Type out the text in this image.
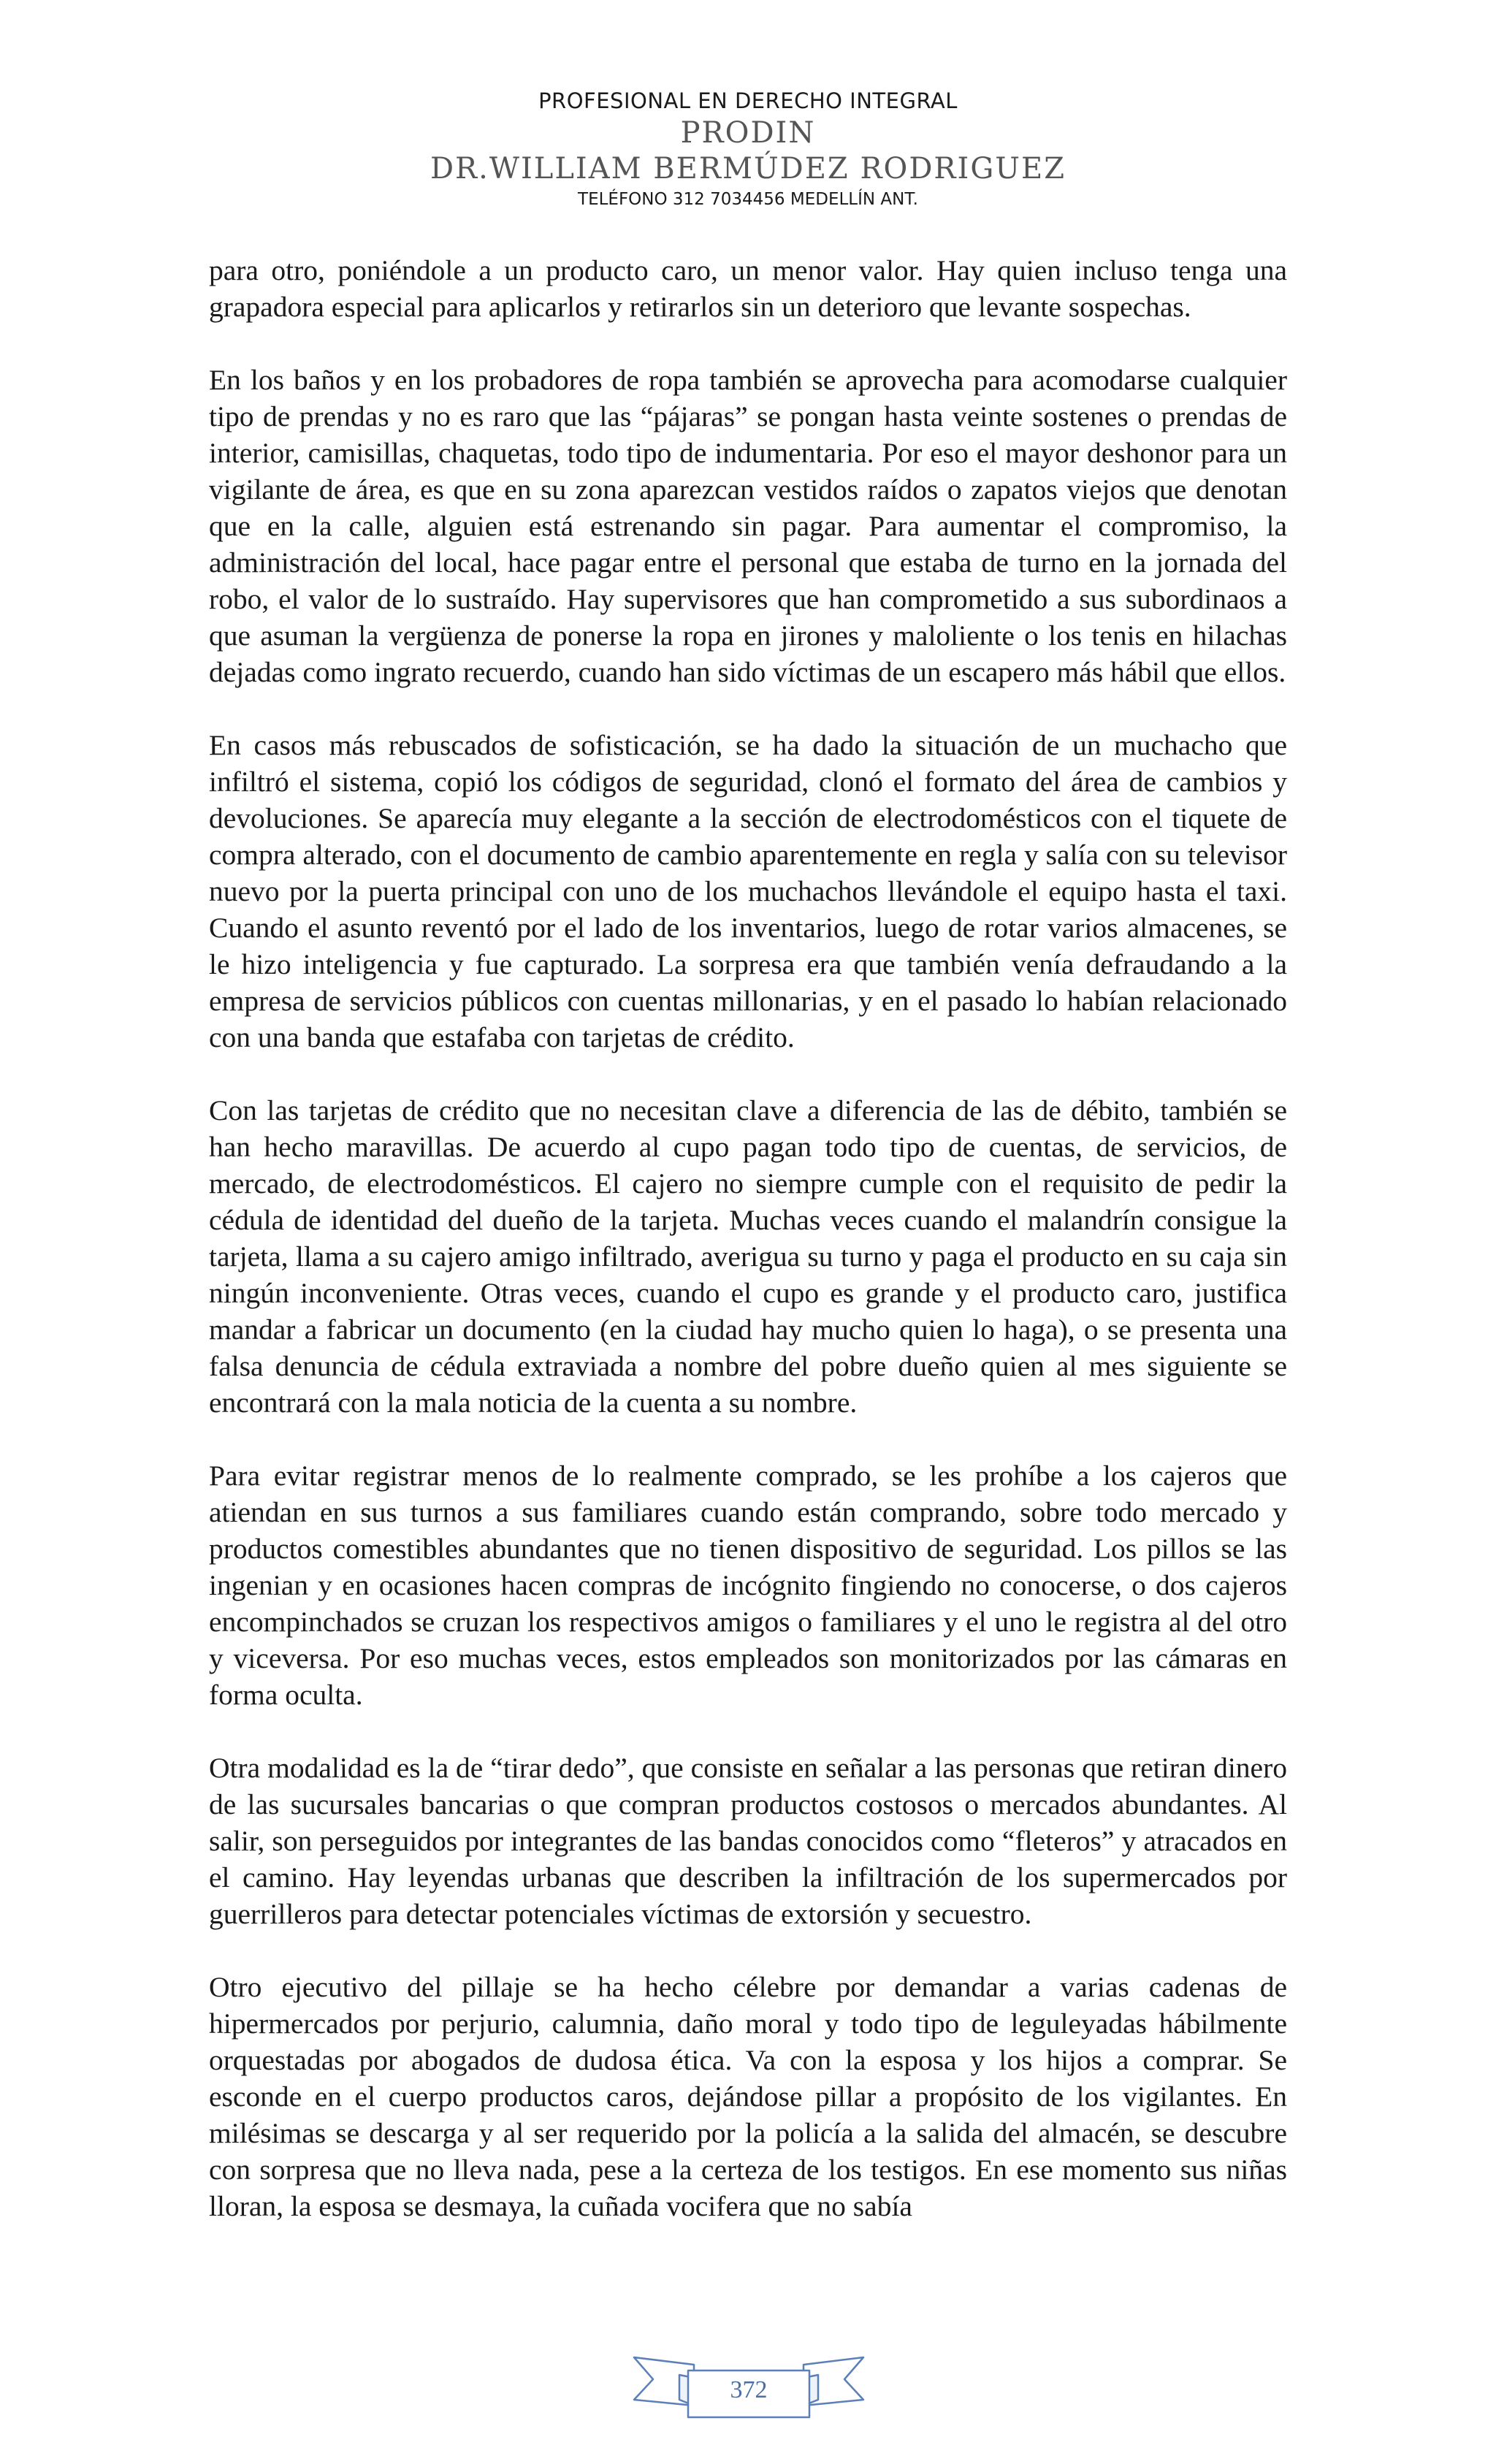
PROFESIONAL EN DERECHO INTEGRAL
PRODIN
DR.WILLIAM BERMÚDEZ RODRIGUEZ
TELÉFONO 312 7034456 MEDELLÍN ANT.

para otro, poniéndole a un producto caro, un menor valor. Hay quien incluso tenga una grapadora especial para aplicarlos y retirarlos sin un deterioro que levante sospechas.

En los baños y en los probadores de ropa también se aprovecha para acomodarse cualquier tipo de prendas y no es raro que las “pájaras” se pongan hasta veinte sostenes o prendas de interior, camisillas, chaquetas, todo tipo de indumentaria. Por eso el mayor deshonor para un vigilante de área, es que en su zona aparezcan vestidos raídos o zapatos viejos que denotan que en la calle, alguien está estrenando sin pagar. Para aumentar el compromiso, la administración del local, hace pagar entre el personal que estaba de turno en la jornada del robo, el valor de lo sustraído. Hay supervisores que han comprometido a sus subordinaos a que asuman la vergüenza de ponerse la ropa en jirones y maloliente o los tenis en hilachas dejadas como ingrato recuerdo, cuando han sido víctimas de un escapero más hábil que ellos.

En casos más rebuscados de sofisticación, se ha dado la situación de un muchacho que infiltró el sistema, copió los códigos de seguridad, clonó el formato del área de cambios y devoluciones. Se aparecía muy elegante a la sección de electrodomésticos con el tiquete de compra alterado, con el documento de cambio aparentemente en regla y salía con su televisor nuevo por la puerta principal con uno de los muchachos llevándole el equipo hasta el taxi. Cuando el asunto reventó por el lado de los inventarios, luego de rotar varios almacenes, se le hizo inteligencia y fue capturado. La sorpresa era que también venía defraudando a la empresa de servicios públicos con cuentas millonarias, y en el pasado lo habían relacionado con una banda que estafaba con tarjetas de crédito.

Con las tarjetas de crédito que no necesitan clave a diferencia de las de débito, también se han hecho maravillas. De acuerdo al cupo pagan todo tipo de cuentas, de servicios, de mercado, de electrodomésticos. El cajero no siempre cumple con el requisito de pedir la cédula de identidad del dueño de la tarjeta. Muchas veces cuando el malandrín consigue la tarjeta, llama a su cajero amigo infiltrado, averigua su turno y paga el producto en su caja sin ningún inconveniente. Otras veces, cuando el cupo es grande y el producto caro, justifica mandar a fabricar un documento (en la ciudad hay mucho quien lo haga), o se presenta una falsa denuncia de cédula extraviada a nombre del pobre dueño quien al mes siguiente se encontrará con la mala noticia de la cuenta a su nombre.

Para evitar registrar menos de lo realmente comprado, se les prohíbe a los cajeros que atiendan en sus turnos a sus familiares cuando están comprando, sobre todo mercado y productos comestibles abundantes que no tienen dispositivo de seguridad. Los pillos se las ingenian y en ocasiones hacen compras de incógnito fingiendo no conocerse, o dos cajeros encompinchados se cruzan los respectivos amigos o familiares y el uno le registra al del otro y viceversa. Por eso muchas veces, estos empleados son monitorizados por las cámaras en forma oculta.

Otra modalidad es la de “tirar dedo”, que consiste en señalar a las personas que retiran dinero de las sucursales bancarias o que compran productos costosos o mercados abundantes. Al salir, son perseguidos por integrantes de las bandas conocidos como “fleteros” y atracados en el camino. Hay leyendas urbanas que describen la infiltración de los supermercados por guerrilleros para detectar potenciales víctimas de extorsión y secuestro.

Otro ejecutivo del pillaje se ha hecho célebre por demandar a varias cadenas de hipermercados por perjurio, calumnia, daño moral y todo tipo de leguleyadas hábilmente orquestadas por abogados de dudosa ética. Va con la esposa y los hijos a comprar. Se esconde en el cuerpo productos caros, dejándose pillar a propósito de los vigilantes. En milésimas se descarga y al ser requerido por la policía a la salida del almacén, se descubre con sorpresa que no lleva nada, pese a la certeza de los testigos. En ese momento sus niñas lloran, la esposa se desmaya, la cuñada vocifera que no sabía

372
